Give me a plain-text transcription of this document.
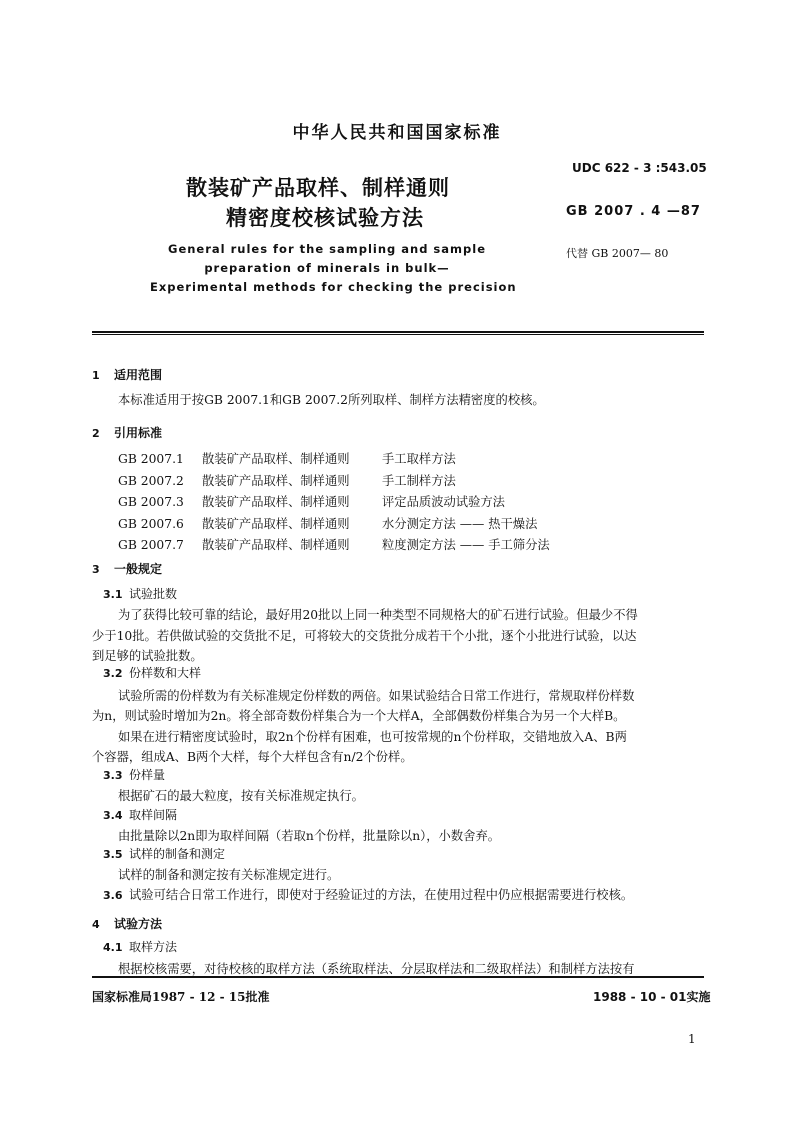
中华人民共和国国家标准
UDC 622 - 3 :543.05
散装矿产品取样、制样通则
精密度校核试验方法	GB 2007 . 4 —87
代替 GB 2007— 80
General rules for the sampling and sample
preparation of minerals in bulk—
Experimental methods for checking the precision
1 适用范围
本标准适用于按GB 2007.1和GB 2007.2所列取样、制样方法精密度的校核。
2 引用标准
GB 2007.1 散装矿产品取样、制样通则	手工取样方法
GB 2007.2 散装矿产品取样、制样通则	手工制样方法
GB 2007.3 散装矿产品取样、制样通则	评定品质波动试验方法
GB 2007.6 散装矿产品取样、制样通则	水分测定方法 —— 热干燥法
GB 2007.7 散装矿产品取样、制样通则	粒度测定方法 —— 手工筛分法
3 一般规定
3.1 试验批数
为了获得比较可靠的结论，最好用20批以上同一种类型不同规格大的矿石进行试验。但最少不得
少于10批。若供做试验的交货批不足，可将较大的交货批分成若干个小批，逐个小批进行试验，以达
到足够的试验批数。
3.2 份样数和大样
试验所需的份样数为有关标准规定份样数的两倍。如果试验结合日常工作进行，常规取样份样数
为n，则试验时增加为2n。将全部奇数份样集合为一个大样A，全部偶数份样集合为另一个大样B。
如果在进行精密度试验时，取2n个份样有困难，也可按常规的n个份样取，交错地放入A、B两
个容器，组成A、B两个大样，每个大样包含有n/2个份样。
3.3 份样量
根据矿石的最大粒度，按有关标准规定执行。
3.4 取样间隔
由批量除以2n即为取样间隔（若取n个份样，批量除以n），小数舍弃。
3.5 试样的制备和测定
试样的制备和测定按有关标准规定进行。
3.6 试验可结合日常工作进行，即使对于经验证过的方法，在使用过程中仍应根据需要进行校核。
4 试验方法
4.1 取样方法
根据校核需要，对待校核的取样方法（系统取样法、分层取样法和二级取样法）和制样方法按有
国家标准局1987 - 12 - 15批准	1988 - 10 - 01实施
1
